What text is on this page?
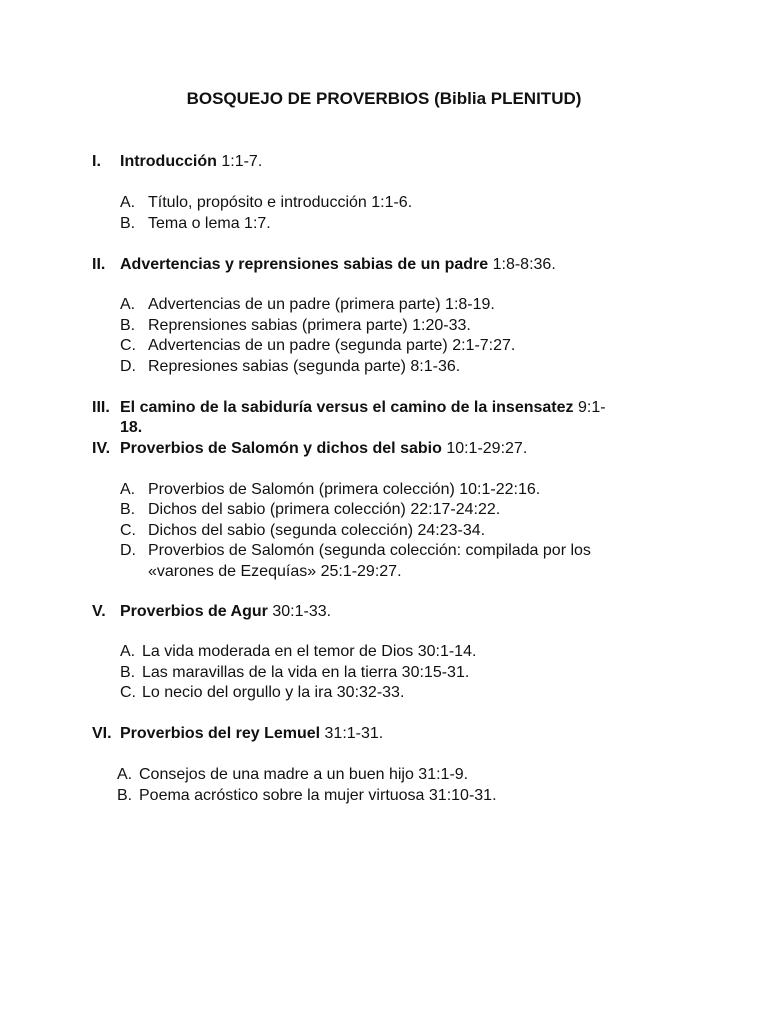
BOSQUEJO DE PROVERBIOS (Biblia PLENITUD)
I.	Introducción 1:1-7.
A. Título, propósito e introducción 1:1-6.
B. Tema o lema 1:7.
II. Advertencias y reprensiones sabias de un padre 1:8-8:36.
A. Advertencias de un padre (primera parte) 1:8-19.
B. Reprensiones sabias (primera parte) 1:20-33.
C. Advertencias de un padre (segunda parte) 2:1-7:27.
D. Represiones sabias (segunda parte) 8:1-36.
III. El camino de la sabiduría versus el camino de la insensatez 9:1-
18.
IV. Proverbios de Salomón y dichos del sabio 10:1-29:27.
A. Proverbios de Salomón (primera colección) 10:1-22:16.
B. Dichos del sabio (primera colección) 22:17-24:22.
C. Dichos del sabio (segunda colección) 24:23-34.
D. Proverbios de Salomón (segunda colección: compilada por los
«varones de Ezequías» 25:1-29:27.
V. Proverbios de Agur 30:1-33.
A. La vida moderada en el temor de Dios 30:1-14.
B. Las maravillas de la vida en la tierra 30:15-31.
C. Lo necio del orgullo y la ira 30:32-33.
VI. Proverbios del rey Lemuel 31:1-31.
A. Consejos de una madre a un buen hijo 31:1-9.
B. Poema acróstico sobre la mujer virtuosa 31:10-31.
